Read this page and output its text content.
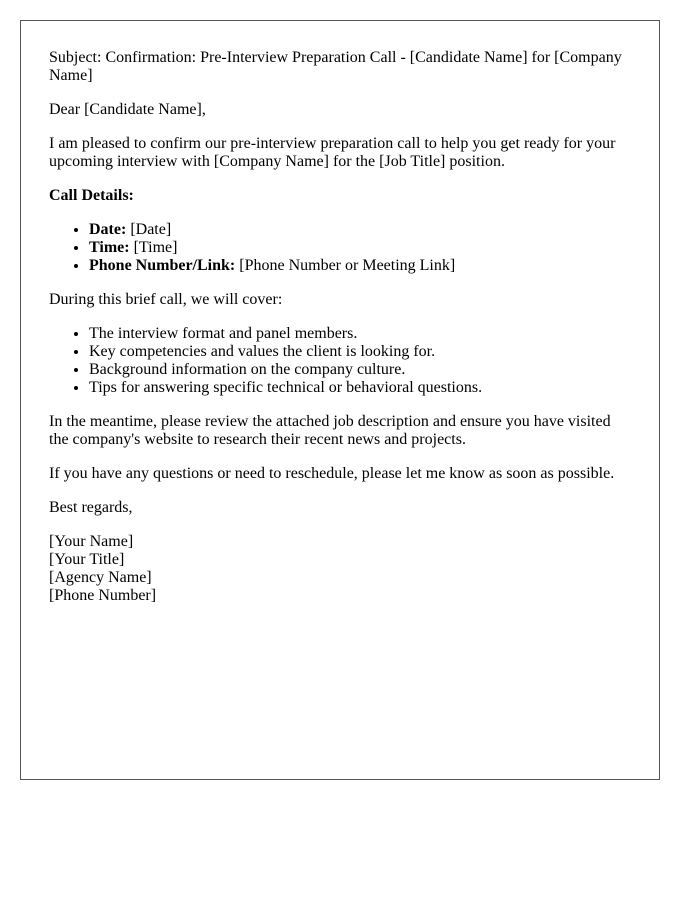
Subject: Confirmation: Pre-Interview Preparation Call - [Candidate Name] for [Company Name]

Dear [Candidate Name],

I am pleased to confirm our pre-interview preparation call to help you get ready for your upcoming interview with [Company Name] for the [Job Title] position.

Call Details:

• Date: [Date]
• Time: [Time]
• Phone Number/Link: [Phone Number or Meeting Link]

During this brief call, we will cover:

• The interview format and panel members.
• Key competencies and values the client is looking for.
• Background information on the company culture.
• Tips for answering specific technical or behavioral questions.

In the meantime, please review the attached job description and ensure you have visited the company's website to research their recent news and projects.

If you have any questions or need to reschedule, please let me know as soon as possible.

Best regards,

[Your Name]
[Your Title]
[Agency Name]
[Phone Number]
